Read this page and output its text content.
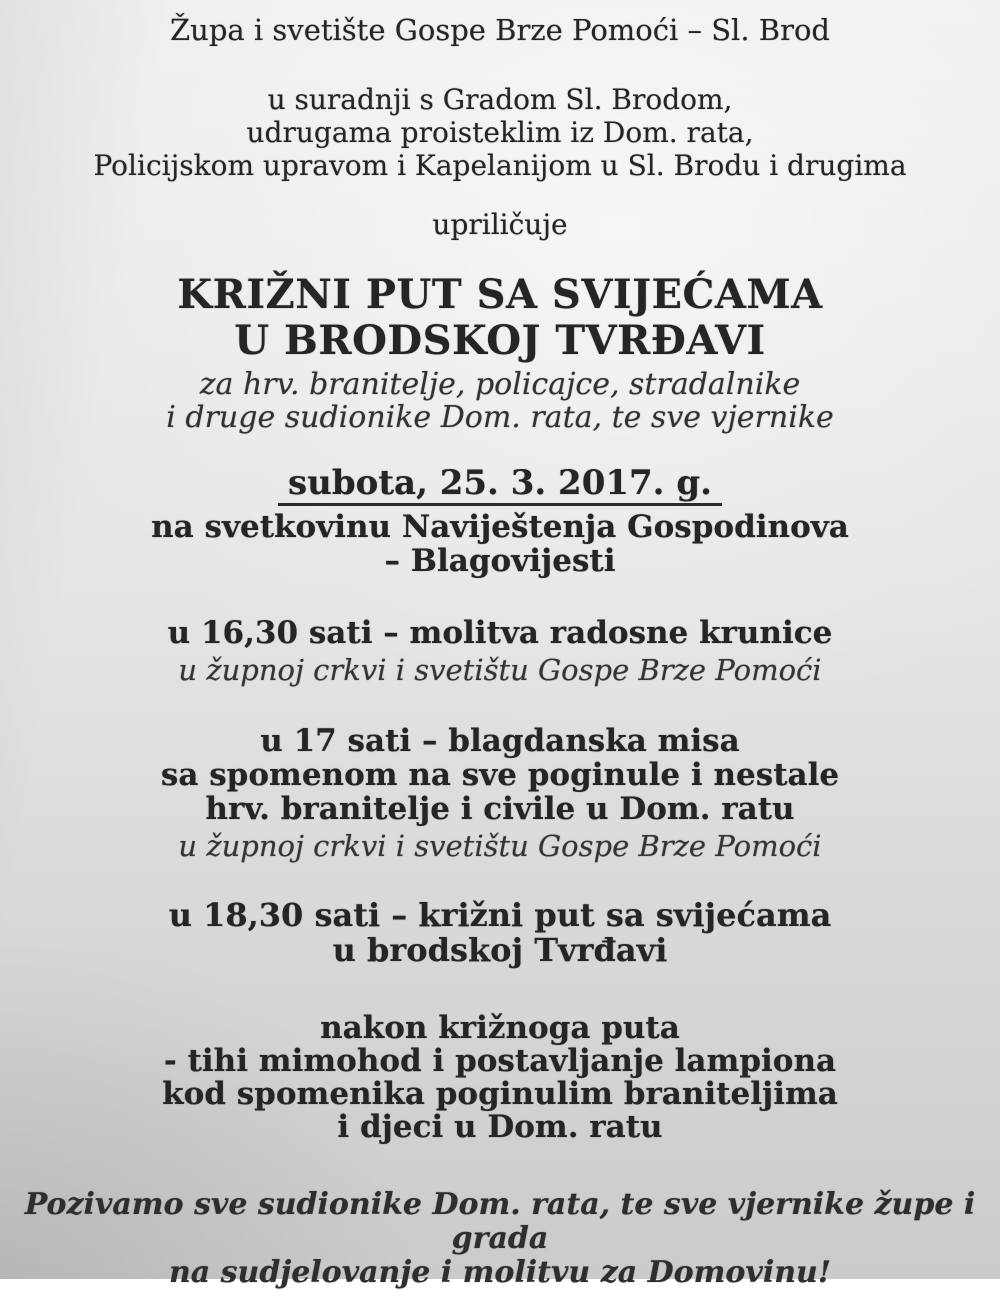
Župa i svetište Gospe Brze Pomoći – Sl. Brod
u suradnji s Gradom Sl. Brodom,
udrugama proisteklim iz Dom. rata,
Policijskom upravom i Kapelanijom u Sl. Brodu i drugima
upriličuje
KRIŽNI PUT SA SVIJEĆAMA
U BRODSKOJ TVRĐAVI
za hrv. branitelje, policajce, stradalnike
i druge sudionike Dom. rata, te sve vjernike
subota, 25. 3. 2017. g.
na svetkovinu Naviještenja Gospodinova
– Blagovijesti
u 16,30 sati – molitva radosne krunice
u župnoj crkvi i svetištu Gospe Brze Pomoći
u 17 sati – blagdanska misa
sa spomenom na sve poginule i nestale
hrv. branitelje i civile u Dom. ratu
u župnoj crkvi i svetištu Gospe Brze Pomoći
u 18,30 sati – križni put sa svijećama
u brodskoj Tvrđavi
nakon križnoga puta
- tihi mimohod i postavljanje lampiona
kod spomenika poginulim braniteljima
i djeci u Dom. ratu
Pozivamo sve sudionike Dom. rata, te sve vjernike župe i grada
na sudjelovanje i molitvu za Domovinu!
